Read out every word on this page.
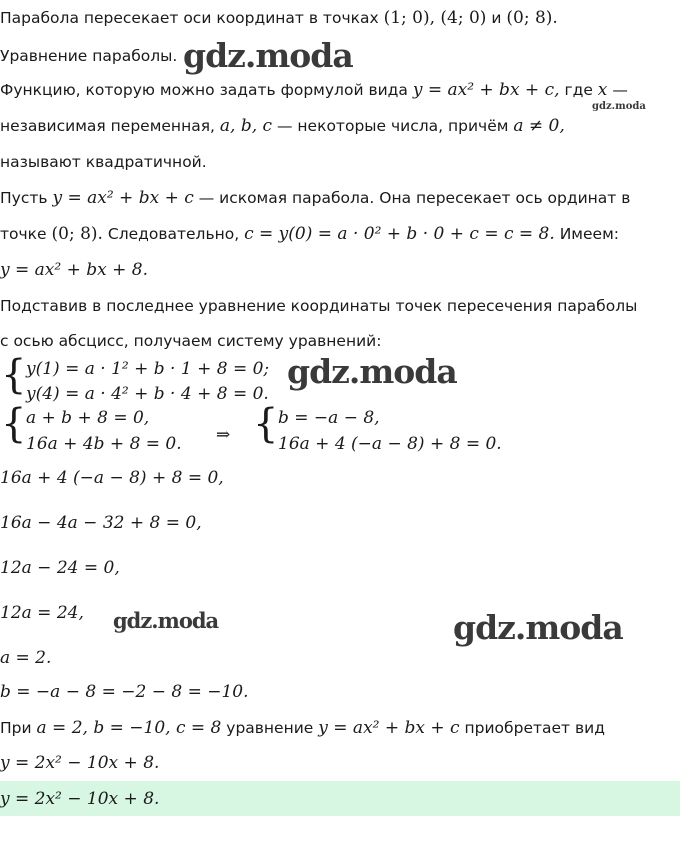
Парабола пересекает оси координат в точках (1; 0), (4; 0) и (0; 8).
Уравнение параболы. gdz.moda
Функцию, которую можно задать формулой вида y = ax² + bx + c, где x —
gdz.moda
независимая переменная, a, b, c — некоторые числа, причём a ≠ 0,
называют квадратичной.
Пусть y = ax² + bx + c — искомая парабола. Она пересекает ось ординат в
точке (0; 8). Следовательно, c = y(0) = a · 0² + b · 0 + c = c = 8. Имеем:
y = ax² + bx + 8.
Подставив в последнее уравнение координаты точек пересечения параболы
с осью абсцисс, получаем систему уравнений:
{ y(1) = a · 1² + b · 1 + 8 = 0;
y(4) = a · 4² + b · 4 + 8 = 0.
gdz.moda
{ a + b + 8 = 0,
16a + 4b + 8 = 0. ⇒ { b = −a − 8,
16a + 4 (−a − 8) + 8 = 0.
16a + 4 (−a − 8) + 8 = 0,
16a − 4a − 32 + 8 = 0,
12a − 24 = 0,
12a = 24, gdz.moda	gdz.moda
a = 2.
b = −a − 8 = −2 − 8 = −10.
При a = 2, b = −10, c = 8 уравнение y = ax² + bx + c приобретает вид
y = 2x² − 10x + 8.
y = 2x² − 10x + 8.
